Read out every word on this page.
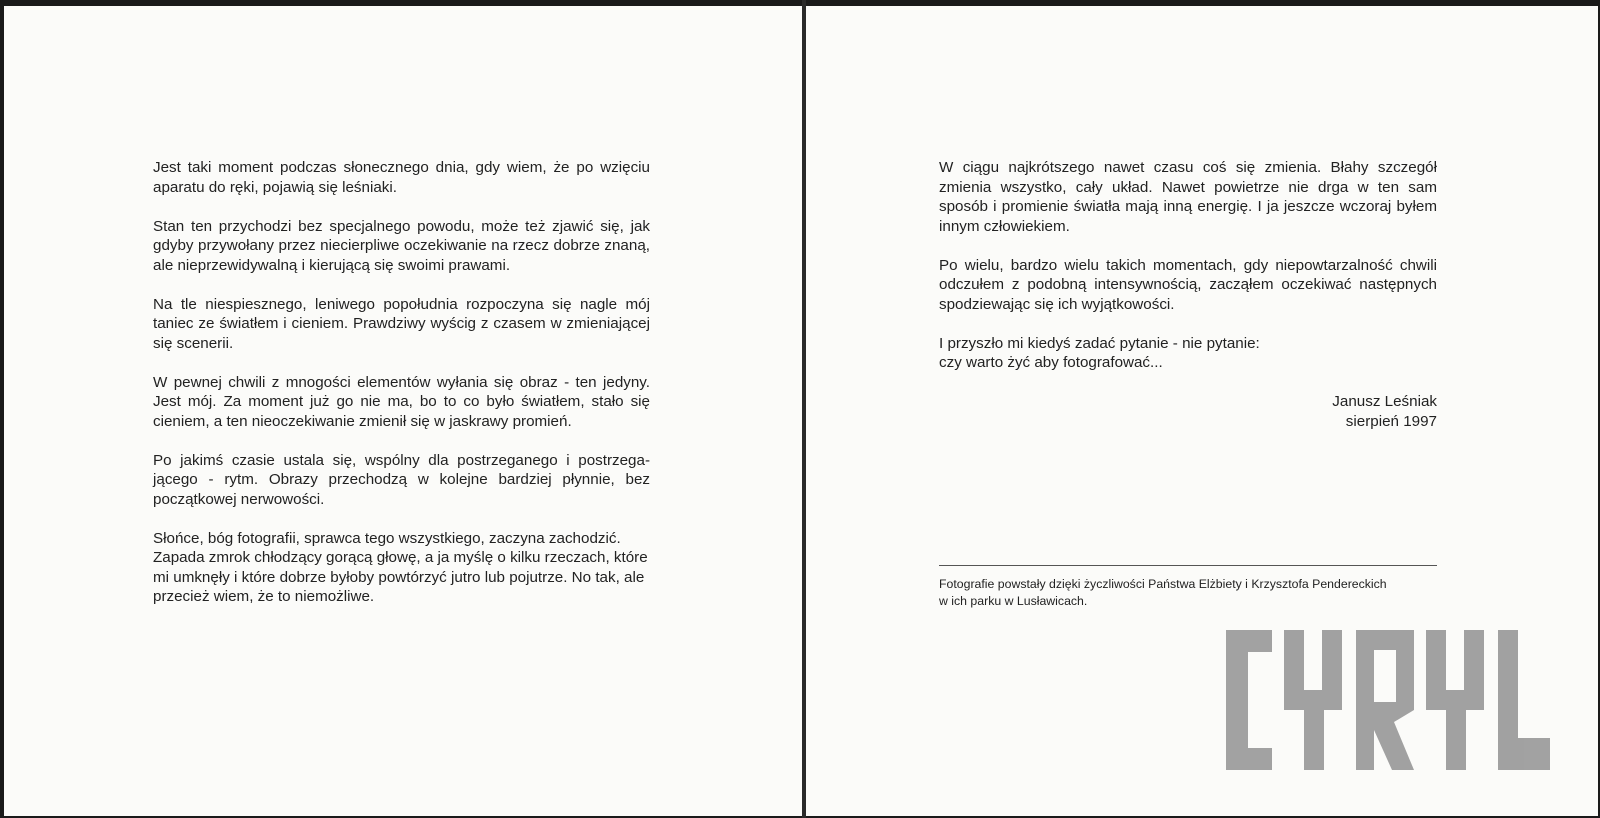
Jest taki moment podczas słonecznego dnia, gdy wiem, że po wzięciu aparatu do ręki, pojawią się leśniaki.

Stan ten przychodzi bez specjalnego powodu, może też zjawić się, jak gdyby przywołany przez niecierpliwe oczekiwanie na rzecz dobrze znaną, ale nieprzewidywalną i kierującą się swoimi prawami.

Na tle niespiesznego, leniwego popołudnia rozpoczyna się nagle mój taniec ze światłem i cieniem. Prawdziwy wyścig z czasem w zmieniającej się scenerii.

W pewnej chwili z mnogości elementów wyłania się obraz - ten jedyny. Jest mój. Za moment już go nie ma, bo to co było światłem, stało się cieniem, a ten nieoczekiwanie zmienił się w jaskrawy promień.

Po jakimś czasie ustala się, wspólny dla postrzeganego i postrzega-jącego - rytm. Obrazy przechodzą w kolejne bardziej płynnie, bez początkowej nerwowości.

Słońce, bóg fotografii, sprawca tego wszystkiego, zaczyna zachodzić. Zapada zmrok chłodzący gorącą głowę, a ja myślę o kilku rzeczach, które mi umknęły i które dobrze byłoby powtórzyć jutro lub pojutrze. No tak, ale przecież wiem, że to niemożliwe.

W ciągu najkrótszego nawet czasu coś się zmienia. Błahy szczegół zmienia wszystko, cały układ. Nawet powietrze nie drga w ten sam sposób i promienie światła mają inną energię. I ja jeszcze wczoraj byłem innym człowiekiem.

Po wielu, bardzo wielu takich momentach, gdy niepowtarzalność chwili odczułem z podobną intensywnością, zacząłem oczekiwać następnych spodziewając się ich wyjątkowości.

I przyszło mi kiedyś zadać pytanie - nie pytanie:
czy warto żyć aby fotografować...

Janusz Leśniak
sierpień 1997
Fotografie powstały dzięki życzliwości Państwa Elżbiety i Krzysztofa Pendereckich
w ich parku w Lusławicach.
